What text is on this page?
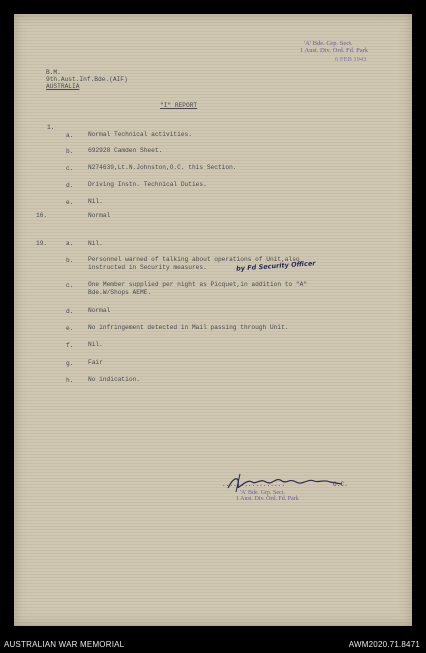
'A' Bde. Grp. Sect.
1 Aust. Div. Ord. Fd. Park
6 FEB 1943
B.M.
9th.Aust.Inf.Bde.(AIF)
AUSTRALIA
"I" REPORT
1.
a. Normal Technical activities.
b. 692928 Camden Sheet.
c. N274639,Lt.N.Johnston,O.C. this Section.
d. Driving Instn. Technical Duties.
e. Nil.
16.	Normal
19.	a. Nil.
b. Personnel warned of talking about operations of Unit,also
instructed in Security measures.	by Fd Security Officer
c. One Member supplied per night as Picquet,in addition to "A"
Bde.W/Shops AEME.
d. Normal
e. No infringement detected in Mail passing through Unit.
f. Nil.
g. Fair
h. No indication.
.................	O.C.
'A' Bde. Grp. Sect.
1 Aust. Div. Ord. Fd. Park
AUSTRALIAN WAR MEMORIAL	AWM2020.71.8471
